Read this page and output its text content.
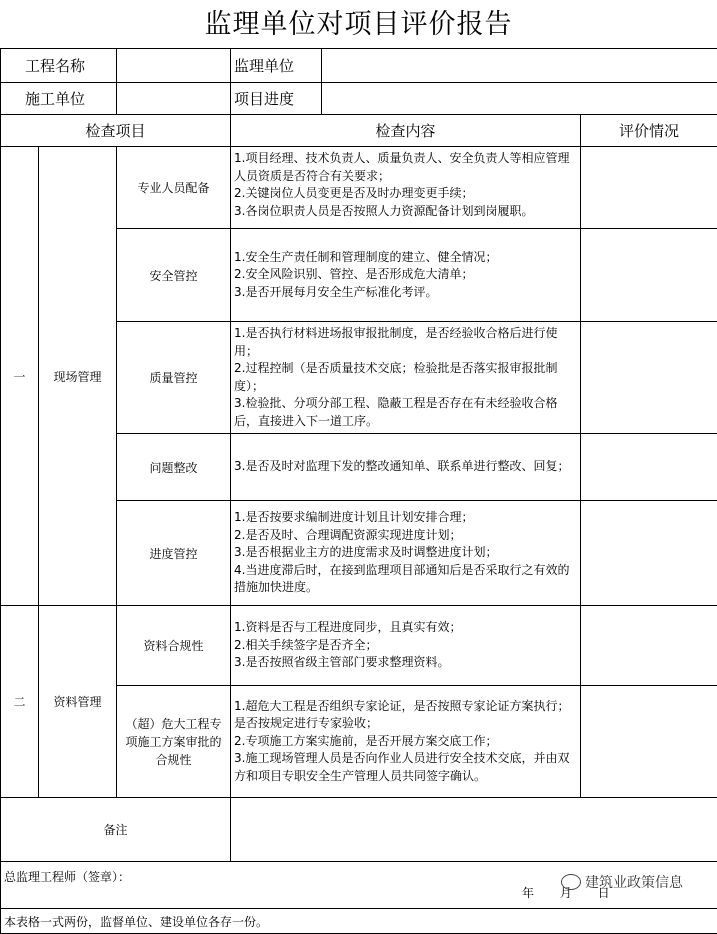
监理单位对项目评价报告
工程名称			监理单位		
施工单位			项目进度		
检查项目			检查内容		评价情况
一	现场管理	专业人员配备	1.项目经理、技术负责人、质量负责人、安全负责人等相应管理人员资质是否符合有关要求；
2.关键岗位人员变更是否及时办理变更手续；
3.各岗位职责人员是否按照人力资源配备计划到岗履职。		

		安全管控	1.安全生产责任制和管理制度的建立、健全情况；
2.安全风险识别、管控、是否形成危大清单；
3.是否开展每月安全生产标准化考评。		

		质量管控	1.是否执行材料进场报审报批制度，是否经验收合格后进行使用；
2.过程控制（是否质量技术交底；检验批是否落实报审报批制度）；
3.检验批、分项分部工程、隐蔽工程是否存在有未经验收合格后，直接进入下一道工序。		

		问题整改	3.是否及时对监理下发的整改通知单、联系单进行整改、回复；		

		进度管控	1.是否按要求编制进度计划且计划安排合理；
2.是否及时、合理调配资源实现进度计划；
3.是否根据业主方的进度需求及时调整进度计划；
4.当进度滞后时，在接到监理项目部通知后是否采取行之有效的措施加快进度。		

二	资料管理	资料合规性	1.资料是否与工程进度同步，且真实有效；
2.相关手续签字是否齐全；
3.是否按照省级主管部门要求整理资料。		

		（超）危大工程专项施工方案审批的合规性	1.超危大工程是否组织专家论证，是否按照专家论证方案执行；是否按规定进行专家验收；
2.专项施工方案实施前，是否开展方案交底工作；
3.施工现场管理人员是否向作业人员进行安全技术交底，并由双方和项目专职安全生产管理人员共同签字确认。		

备注					

总监理工程师（签章）：
年 月 日
建筑业政策信息					

本表格一式两份，监督单位、建设单位各存一份。					
